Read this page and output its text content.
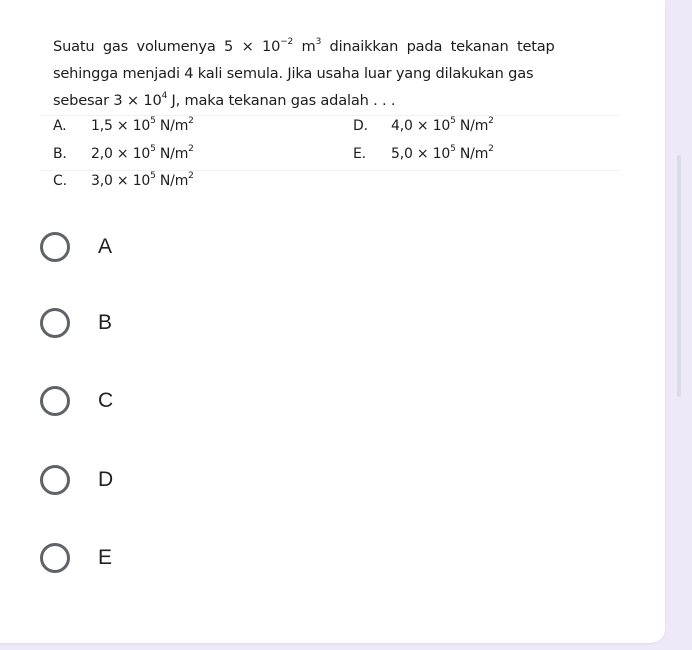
Suatu gas volumenya $5 \times 10^{-2}$ $m^3$ dinaikkan pada tekanan tetap
sehingga menjadi 4 kali semula. Jika usaha luar yang dilakukan gas
sebesar $3 \times 10^4$ J, maka tekanan gas adalah . . .
A. $1,5 \times 10^5$ $N/m^2$
B. $2,0 \times 10^5$ $N/m^2$
C. $3,0 \times 10^5$ $N/m^2$
D. $4,0 \times 10^5$ $N/m^2$
E. $5,0 \times 10^5$ $N/m^2$
A
B
C
D
E
